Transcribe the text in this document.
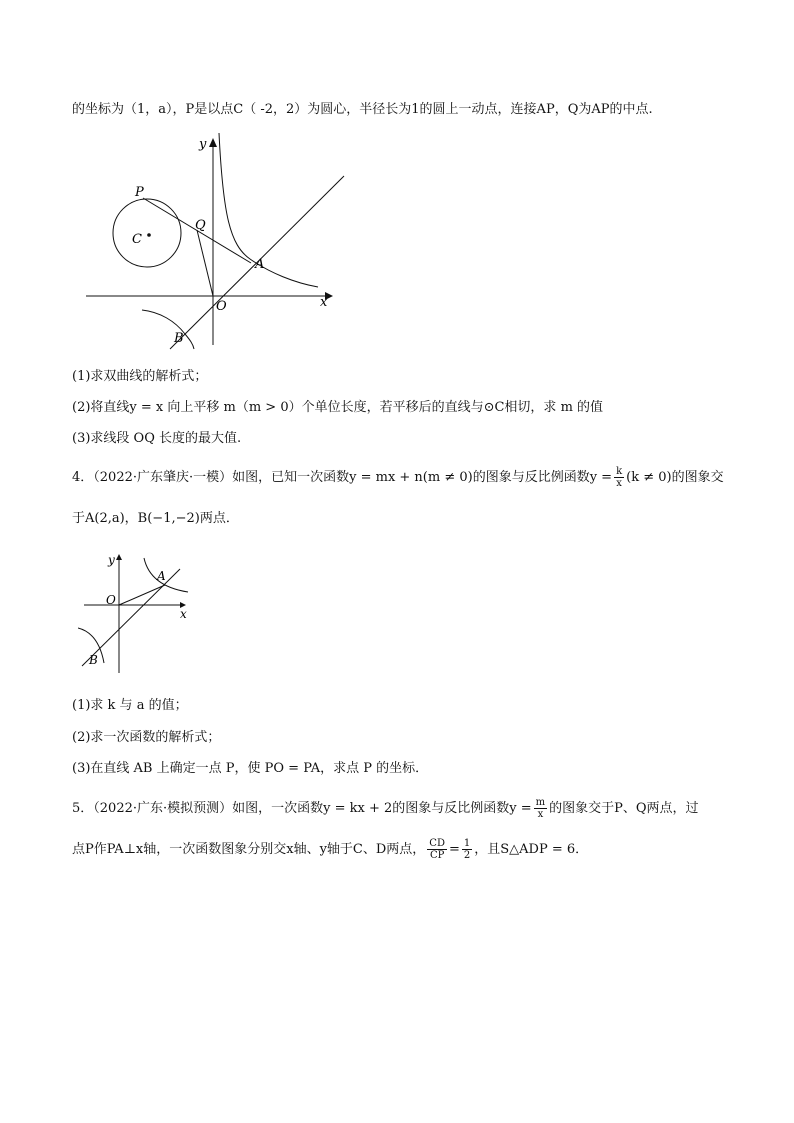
的坐标为（1，a），P是以点C（ -2，2）为圆心，半径长为1的圆上一动点，连接AP，Q为AP的中点.
y
x
P
C
Q
A
O
B
(1)求双曲线的解析式；
(2)将直线y = x 向上平移 m（m > 0）个单位长度，若平移后的直线与⊙C相切，求 m 的值
(3)求线段 OQ 长度的最大值.
4．（2022·广东肇庆·一模）如图，已知一次函数y = mx + n(m ≠ 0)的图象与反比例函数$y = \frac{k}{x} (k \ne 0)$的图象交
于A(2,a)，B(−1,−2)两点．
y
x
O
A
B
(1)求 k 与 a 的值；
(2)求一次函数的解析式；
(3)在直线 AB 上确定一点 P，使 PO = PA，求点 P 的坐标．
5．（2022·广东·模拟预测）如图，一次函数y = kx + 2的图象与反比例函数$y = \frac{m}{x}$ 的图象交于P、Q两点，过
点P作PA⊥x轴，一次函数图象分别交x轴、y轴于C、D两点， $\frac{CD}{CP} = \frac{1}{2}$ ，且S△ADP = 6．
